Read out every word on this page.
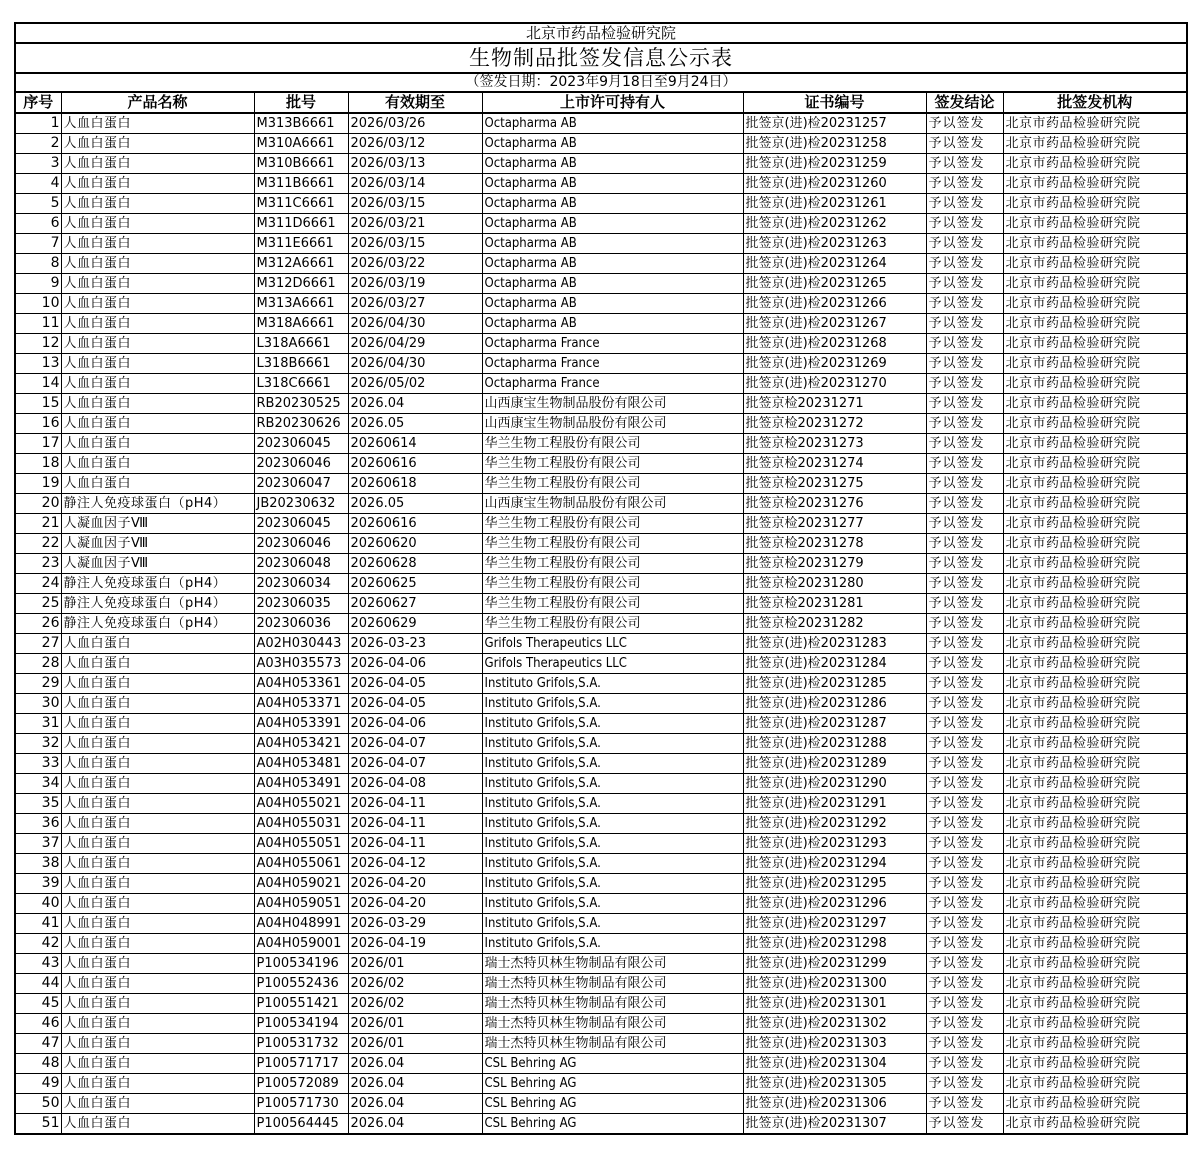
北京市药品检验研究院							
生物制品批签发信息公示表							
（签发日期：2023年9月18日至9月24日）							
序号	产品名称	批号	有效期至	上市许可持有人	证书编号	签发结论	批签发机构
1	人血白蛋白	M313B6661	2026/03/26	Octapharma AB	批签京(进)检20231257	予以签发	北京市药品检验研究院
2	人血白蛋白	M310A6661	2026/03/12	Octapharma AB	批签京(进)检20231258	予以签发	北京市药品检验研究院
3	人血白蛋白	M310B6661	2026/03/13	Octapharma AB	批签京(进)检20231259	予以签发	北京市药品检验研究院
4	人血白蛋白	M311B6661	2026/03/14	Octapharma AB	批签京(进)检20231260	予以签发	北京市药品检验研究院
5	人血白蛋白	M311C6661	2026/03/15	Octapharma AB	批签京(进)检20231261	予以签发	北京市药品检验研究院
6	人血白蛋白	M311D6661	2026/03/21	Octapharma AB	批签京(进)检20231262	予以签发	北京市药品检验研究院
7	人血白蛋白	M311E6661	2026/03/15	Octapharma AB	批签京(进)检20231263	予以签发	北京市药品检验研究院
8	人血白蛋白	M312A6661	2026/03/22	Octapharma AB	批签京(进)检20231264	予以签发	北京市药品检验研究院
9	人血白蛋白	M312D6661	2026/03/19	Octapharma AB	批签京(进)检20231265	予以签发	北京市药品检验研究院
10	人血白蛋白	M313A6661	2026/03/27	Octapharma AB	批签京(进)检20231266	予以签发	北京市药品检验研究院
11	人血白蛋白	M318A6661	2026/04/30	Octapharma AB	批签京(进)检20231267	予以签发	北京市药品检验研究院
12	人血白蛋白	L318A6661	2026/04/29	Octapharma France	批签京(进)检20231268	予以签发	北京市药品检验研究院
13	人血白蛋白	L318B6661	2026/04/30	Octapharma France	批签京(进)检20231269	予以签发	北京市药品检验研究院
14	人血白蛋白	L318C6661	2026/05/02	Octapharma France	批签京(进)检20231270	予以签发	北京市药品检验研究院
15	人血白蛋白	RB20230525	2026.04	山西康宝生物制品股份有限公司	批签京检20231271	予以签发	北京市药品检验研究院
16	人血白蛋白	RB20230626	2026.05	山西康宝生物制品股份有限公司	批签京检20231272	予以签发	北京市药品检验研究院
17	人血白蛋白	202306045	20260614	华兰生物工程股份有限公司	批签京检20231273	予以签发	北京市药品检验研究院
18	人血白蛋白	202306046	20260616	华兰生物工程股份有限公司	批签京检20231274	予以签发	北京市药品检验研究院
19	人血白蛋白	202306047	20260618	华兰生物工程股份有限公司	批签京检20231275	予以签发	北京市药品检验研究院
20	静注人免疫球蛋白（pH4）	JB20230632	2026.05	山西康宝生物制品股份有限公司	批签京检20231276	予以签发	北京市药品检验研究院
21	人凝血因子Ⅷ	202306045	20260616	华兰生物工程股份有限公司	批签京检20231277	予以签发	北京市药品检验研究院
22	人凝血因子Ⅷ	202306046	20260620	华兰生物工程股份有限公司	批签京检20231278	予以签发	北京市药品检验研究院
23	人凝血因子Ⅷ	202306048	20260628	华兰生物工程股份有限公司	批签京检20231279	予以签发	北京市药品检验研究院
24	静注人免疫球蛋白（pH4）	202306034	20260625	华兰生物工程股份有限公司	批签京检20231280	予以签发	北京市药品检验研究院
25	静注人免疫球蛋白（pH4）	202306035	20260627	华兰生物工程股份有限公司	批签京检20231281	予以签发	北京市药品检验研究院
26	静注人免疫球蛋白（pH4）	202306036	20260629	华兰生物工程股份有限公司	批签京检20231282	予以签发	北京市药品检验研究院
27	人血白蛋白	A02H030443	2026-03-23	Grifols Therapeutics LLC	批签京(进)检20231283	予以签发	北京市药品检验研究院
28	人血白蛋白	A03H035573	2026-04-06	Grifols Therapeutics LLC	批签京(进)检20231284	予以签发	北京市药品检验研究院
29	人血白蛋白	A04H053361	2026-04-05	Instituto Grifols,S.A.	批签京(进)检20231285	予以签发	北京市药品检验研究院
30	人血白蛋白	A04H053371	2026-04-05	Instituto Grifols,S.A.	批签京(进)检20231286	予以签发	北京市药品检验研究院
31	人血白蛋白	A04H053391	2026-04-06	Instituto Grifols,S.A.	批签京(进)检20231287	予以签发	北京市药品检验研究院
32	人血白蛋白	A04H053421	2026-04-07	Instituto Grifols,S.A.	批签京(进)检20231288	予以签发	北京市药品检验研究院
33	人血白蛋白	A04H053481	2026-04-07	Instituto Grifols,S.A.	批签京(进)检20231289	予以签发	北京市药品检验研究院
34	人血白蛋白	A04H053491	2026-04-08	Instituto Grifols,S.A.	批签京(进)检20231290	予以签发	北京市药品检验研究院
35	人血白蛋白	A04H055021	2026-04-11	Instituto Grifols,S.A.	批签京(进)检20231291	予以签发	北京市药品检验研究院
36	人血白蛋白	A04H055031	2026-04-11	Instituto Grifols,S.A.	批签京(进)检20231292	予以签发	北京市药品检验研究院
37	人血白蛋白	A04H055051	2026-04-11	Instituto Grifols,S.A.	批签京(进)检20231293	予以签发	北京市药品检验研究院
38	人血白蛋白	A04H055061	2026-04-12	Instituto Grifols,S.A.	批签京(进)检20231294	予以签发	北京市药品检验研究院
39	人血白蛋白	A04H059021	2026-04-20	Instituto Grifols,S.A.	批签京(进)检20231295	予以签发	北京市药品检验研究院
40	人血白蛋白	A04H059051	2026-04-20	Instituto Grifols,S.A.	批签京(进)检20231296	予以签发	北京市药品检验研究院
41	人血白蛋白	A04H048991	2026-03-29	Instituto Grifols,S.A.	批签京(进)检20231297	予以签发	北京市药品检验研究院
42	人血白蛋白	A04H059001	2026-04-19	Instituto Grifols,S.A.	批签京(进)检20231298	予以签发	北京市药品检验研究院
43	人血白蛋白	P100534196	2026/01	瑞士杰特贝林生物制品有限公司	批签京(进)检20231299	予以签发	北京市药品检验研究院
44	人血白蛋白	P100552436	2026/02	瑞士杰特贝林生物制品有限公司	批签京(进)检20231300	予以签发	北京市药品检验研究院
45	人血白蛋白	P100551421	2026/02	瑞士杰特贝林生物制品有限公司	批签京(进)检20231301	予以签发	北京市药品检验研究院
46	人血白蛋白	P100534194	2026/01	瑞士杰特贝林生物制品有限公司	批签京(进)检20231302	予以签发	北京市药品检验研究院
47	人血白蛋白	P100531732	2026/01	瑞士杰特贝林生物制品有限公司	批签京(进)检20231303	予以签发	北京市药品检验研究院
48	人血白蛋白	P100571717	2026.04	CSL Behring AG	批签京(进)检20231304	予以签发	北京市药品检验研究院
49	人血白蛋白	P100572089	2026.04	CSL Behring AG	批签京(进)检20231305	予以签发	北京市药品检验研究院
50	人血白蛋白	P100571730	2026.04	CSL Behring AG	批签京(进)检20231306	予以签发	北京市药品检验研究院
51	人血白蛋白	P100564445	2026.04	CSL Behring AG	批签京(进)检20231307	予以签发	北京市药品检验研究院
